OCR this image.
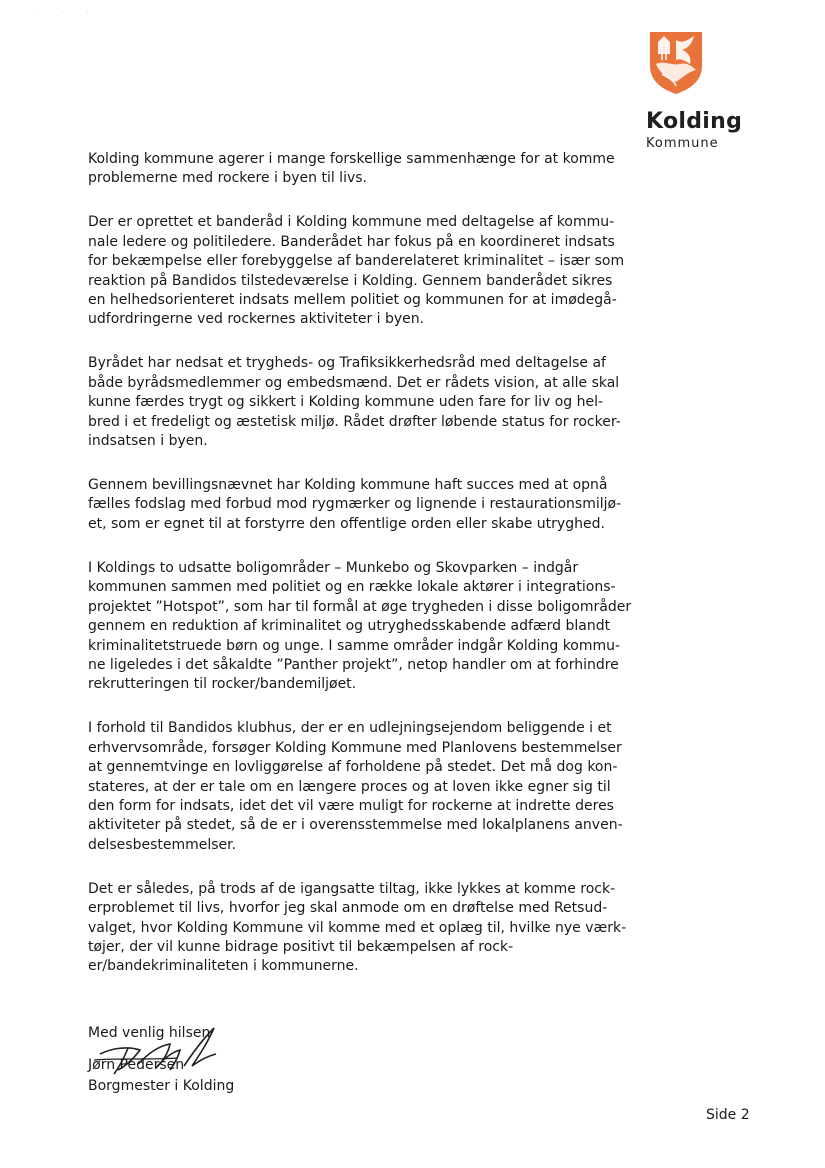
· · ·
Kolding
Kommune
Kolding kommune agerer i mange forskellige sammenhænge for at komme
problemerne med rockere i byen til livs.
Der er oprettet et banderåd i Kolding kommune med deltagelse af kommu-
nale ledere og politiledere. Banderådet har fokus på en koordineret indsats
for bekæmpelse eller forebyggelse af banderelateret kriminalitet – især som
reaktion på Bandidos tilstedeværelse i Kolding. Gennem banderådet sikres
en helhedsorienteret indsats mellem politiet og kommunen for at imødegå-
udfordringerne ved rockernes aktiviteter i byen.
Byrådet har nedsat et trygheds- og Trafiksikkerhedsråd med deltagelse af
både byrådsmedlemmer og embedsmænd. Det er rådets vision, at alle skal
kunne færdes trygt og sikkert i Kolding kommune uden fare for liv og hel-
bred i et fredeligt og æstetisk miljø. Rådet drøfter løbende status for rocker-
indsatsen i byen.
Gennem bevillingsnævnet har Kolding kommune haft succes med at opnå
fælles fodslag med forbud mod rygmærker og lignende i restaurationsmiljø-
et, som er egnet til at forstyrre den offentlige orden eller skabe utryghed.
I Koldings to udsatte boligområder – Munkebo og Skovparken – indgår
kommunen sammen med politiet og en række lokale aktører i integrations-
projektet ”Hotspot”, som har til formål at øge trygheden i disse boligområder
gennem en reduktion af kriminalitet og utryghedsskabende adfærd blandt
kriminalitetstruede børn og unge. I samme områder indgår Kolding kommu-
ne ligeledes i det såkaldte ”Panther projekt”, netop handler om at forhindre
rekrutteringen til rocker/bandemiljøet.
I forhold til Bandidos klubhus, der er en udlejningsejendom beliggende i et
erhvervsområde, forsøger Kolding Kommune med Planlovens bestemmelser
at gennemtvinge en lovliggørelse af forholdene på stedet. Det må dog kon-
stateres, at der er tale om en længere proces og at loven ikke egner sig til
den form for indsats, idet det vil være muligt for rockerne at indrette deres
aktiviteter på stedet, så de er i overensstemmelse med lokalplanens anven-
delsesbestemmelser.
Det er således, på trods af de igangsatte tiltag, ikke lykkes at komme rock-
erproblemet til livs, hvorfor jeg skal anmode om en drøftelse med Retsud-
valget, hvor Kolding Kommune vil komme med et oplæg til, hvilke nye værk-
tøjer, der vil kunne bidrage positivt til bekæmpelsen af rock-
er/bandekriminaliteten i kommunerne.
Med venlig hilsen
Jørn Pedersen
Borgmester i Kolding
Side 2
